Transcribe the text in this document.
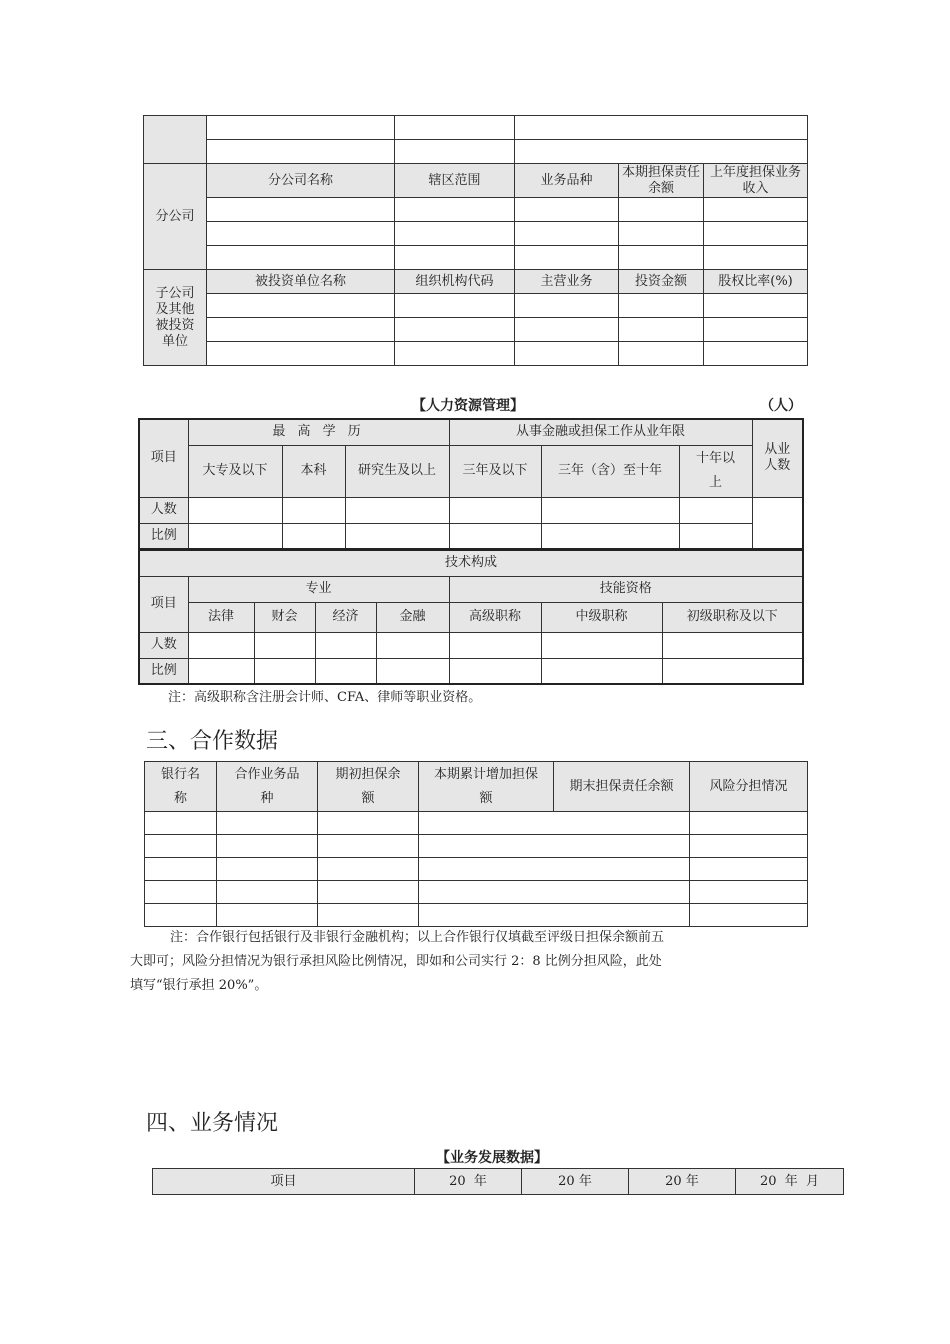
分公司	分公司名称	辖区范围	业务品种	本期担保责任余额	上年度担保业务收入

子公司及其他被投资单位	被投资单位名称	组织机构代码	主营业务	投资金额	股权比率(%)

【人力资源管理】	（人）
项目	最 高 学 历			从事金融或担保工作从业年限			从业人数
	大专及以下	本科	研究生及以上	三年及以下	三年（含）至十年	十年以上	
人数							
比例							
技术构成							
项目	专业				技能资格		
	法律	财会	经济	金融	高级职称	中级职称	初级职称及以下
人数							
比例							
注：高级职称含注册会计师、CFA、律师等职业资格。
三、合作数据
银行名称	合作业务品种	期初担保余额	本期累计增加担保额	期末担保责任余额	风险分担情况

注：合作银行包括银行及非银行金融机构；以上合作银行仅填截至评级日担保余额前五
大即可；风险分担情况为银行承担风险比例情况，即如和公司实行 2：8 比例分担风险，此处
填写“银行承担 20%”。
四、业务情况
【业务发展数据】
项目	20  年	20 年	20 年	20  年  月
